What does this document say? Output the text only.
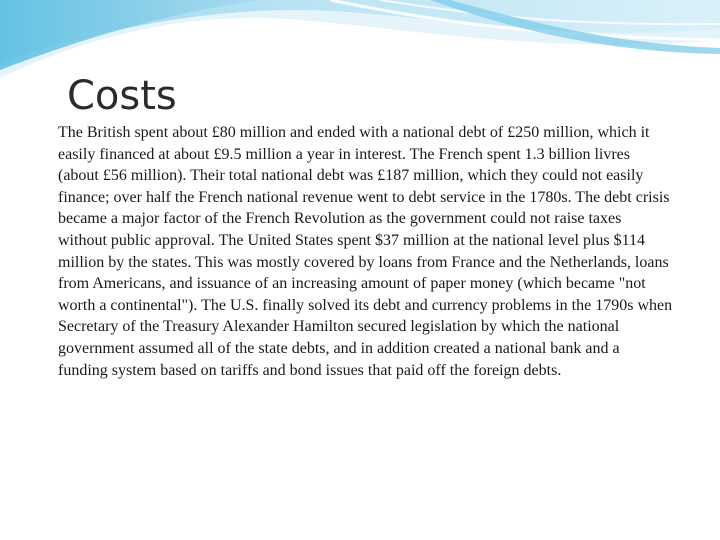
Costs

The British spent about £80 million and ended with a national debt of £250 million, which it easily financed at about £9.5 million a year in interest. The French spent 1.3 billion livres (about £56 million). Their total national debt was £187 million, which they could not easily finance; over half the French national revenue went to debt service in the 1780s. The debt crisis became a major factor of the French Revolution as the government could not raise taxes without public approval. The United States spent $37 million at the national level plus $114 million by the states. This was mostly covered by loans from France and the Netherlands, loans from Americans, and issuance of an increasing amount of paper money (which became "not worth a continental"). The U.S. finally solved its debt and currency problems in the 1790s when Secretary of the Treasury Alexander Hamilton secured legislation by which the national government assumed all of the state debts, and in addition created a national bank and a funding system based on tariffs and bond issues that paid off the foreign debts.
